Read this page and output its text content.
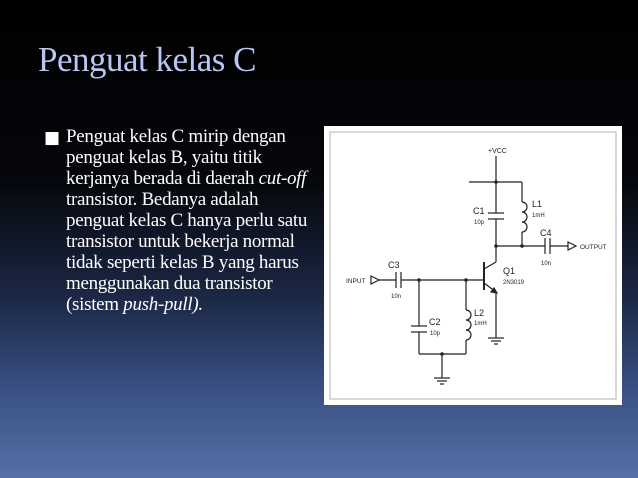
Penguat kelas C
■ Penguat kelas C mirip dengan penguat kelas B, yaitu titik kerjanya berada di daerah cut-off transistor. Bedanya adalah penguat kelas C hanya perlu satu transistor untuk bekerja normal tidak seperti kelas B yang harus menggunakan dua transistor (sistem push-pull).
+VCC
C1
10p
L1
1mH
C4
10n
OUTPUT
C3
10n
INPUT
Q1
2N3019
C2
10p
L2
1mH
